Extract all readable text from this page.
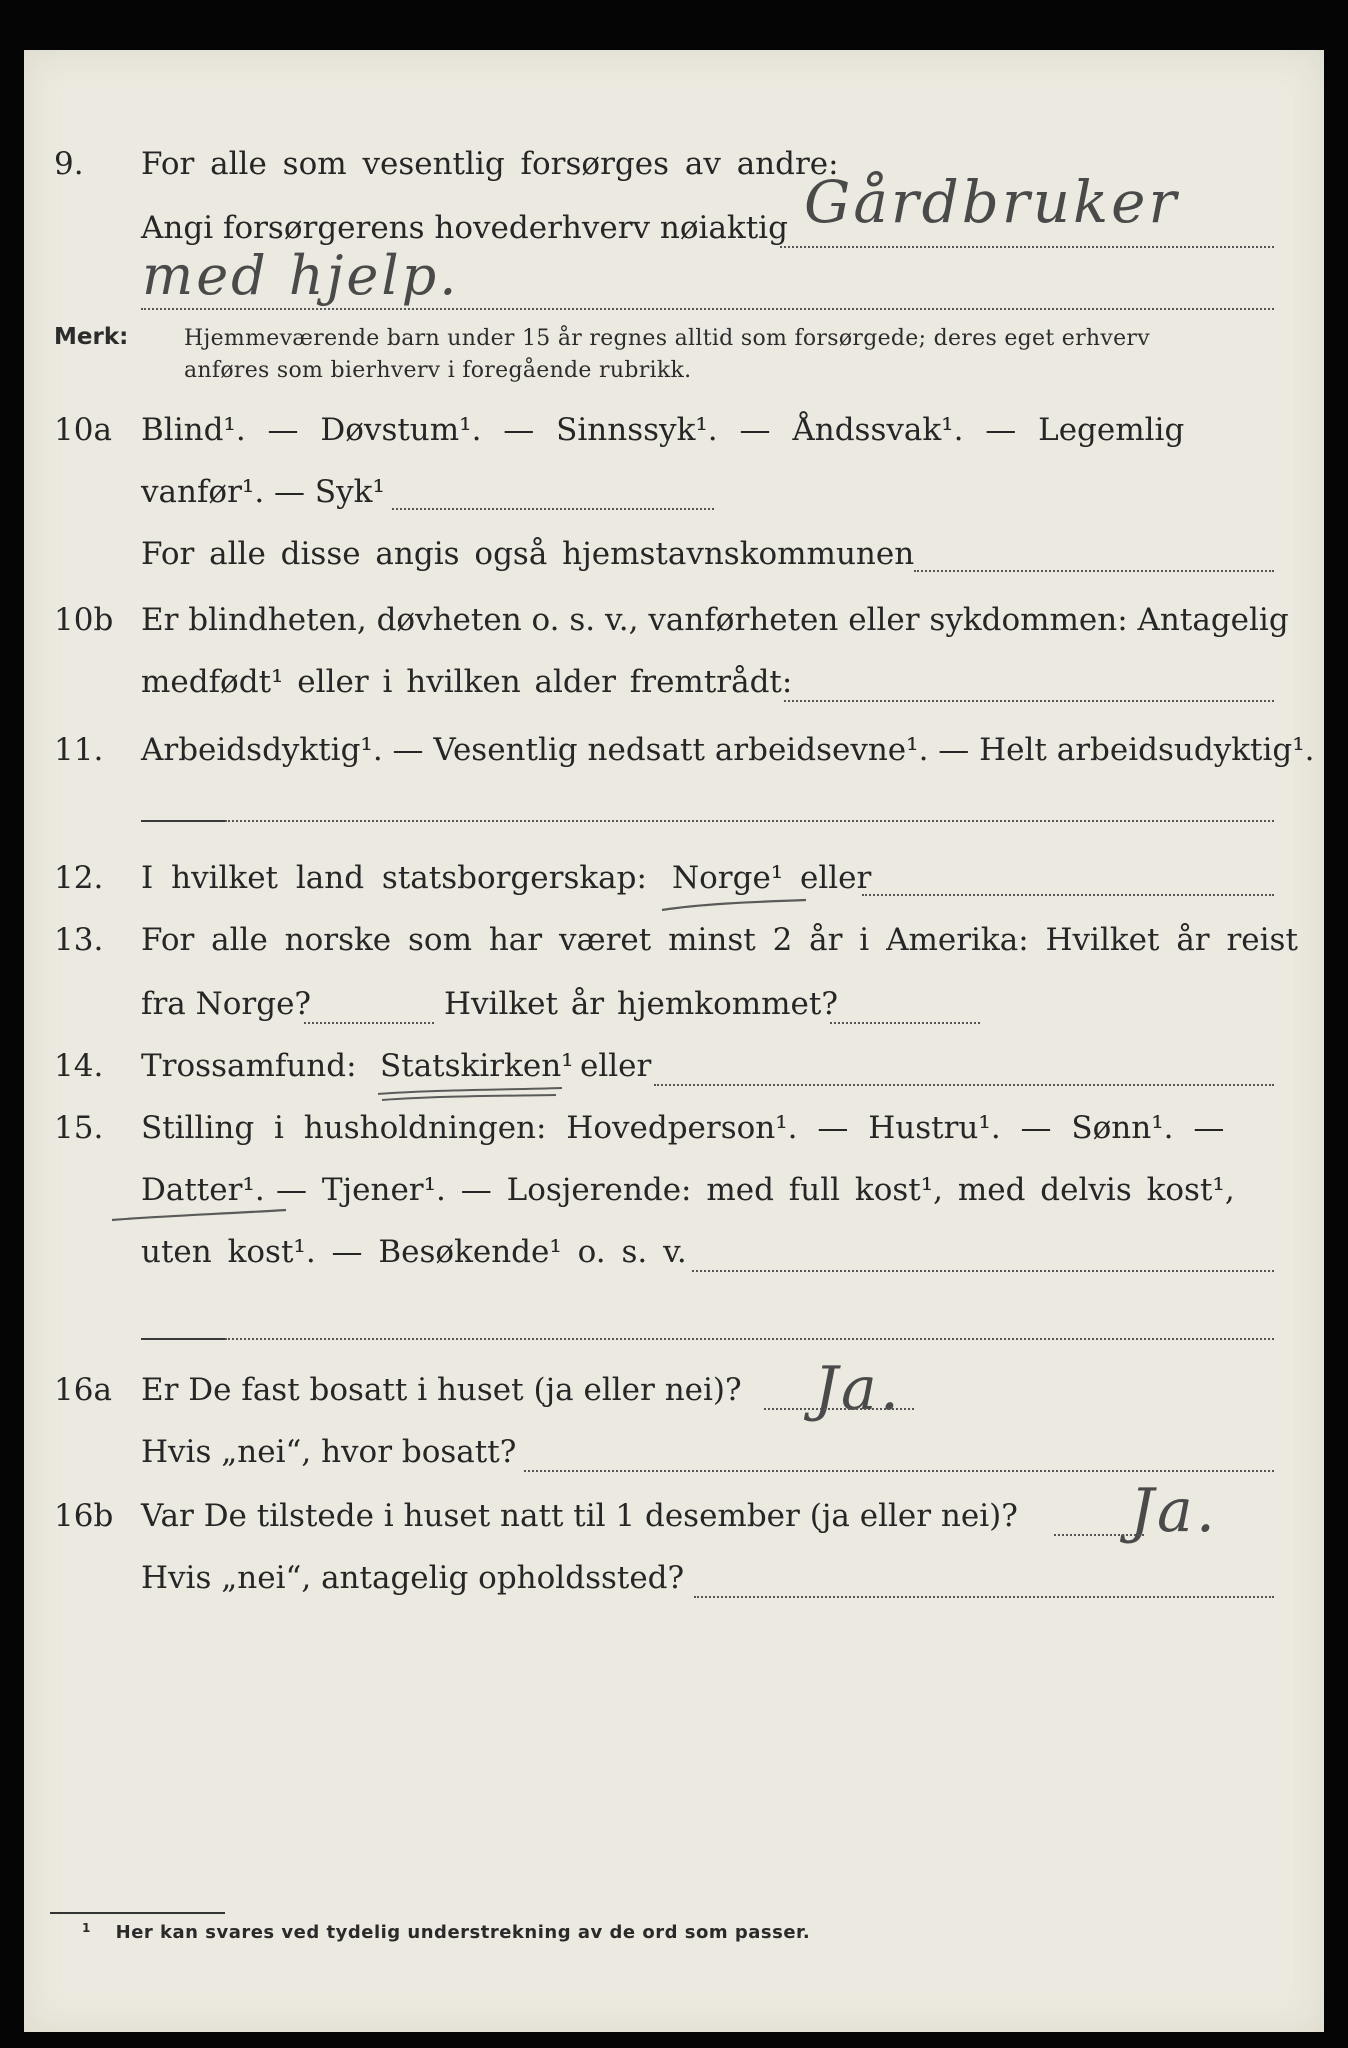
9. For alle som vesentlig forsørges av andre:
Gårdbruker
Angi forsørgerens hovederhverv nøiaktig
med hjelp.
Merk:	Hjemmeværende barn under 15 år regnes alltid som forsørgede; deres eget erhverv
anføres som bierhverv i foregående rubrikk.
10a Blind¹. — Døvstum¹. — Sinnssyk¹. — Åndssvak¹. — Legemlig
vanfør¹. — Syk¹
For alle disse angis også hjemstavnskommunen
10b Er blindheten, døvheten o. s. v., vanførheten eller sykdommen: Antagelig
medfødt¹ eller i hvilken alder fremtrådt:
11. Arbeidsdyktig¹. — Vesentlig nedsatt arbeidsevne¹. — Helt arbeidsudyktig¹.
12. I hvilket land statsborgerskap: Norge¹ eller
13. For alle norske som har været minst 2 år i Amerika: Hvilket år reist
fra Norge?	Hvilket år hjemkommet?
14. Trossamfund: Statskirken¹ eller
15. Stilling i husholdningen: Hovedperson¹. — Hustru¹. — Sønn¹. —
Datter¹. — Tjener¹. — Losjerende: med full kost¹, med delvis kost¹,
uten kost¹. — Besøkende¹ o. s. v.
16a Er De fast bosatt i huset (ja eller nei)? Ja.
Hvis „nei“, hvor bosatt?
16b Var De tilstede i huset natt til 1 desember (ja eller nei)? Ja.
Hvis „nei“, antagelig opholdssted?
$^1$ Her kan svares ved tydelig understrekning av de ord som passer.
